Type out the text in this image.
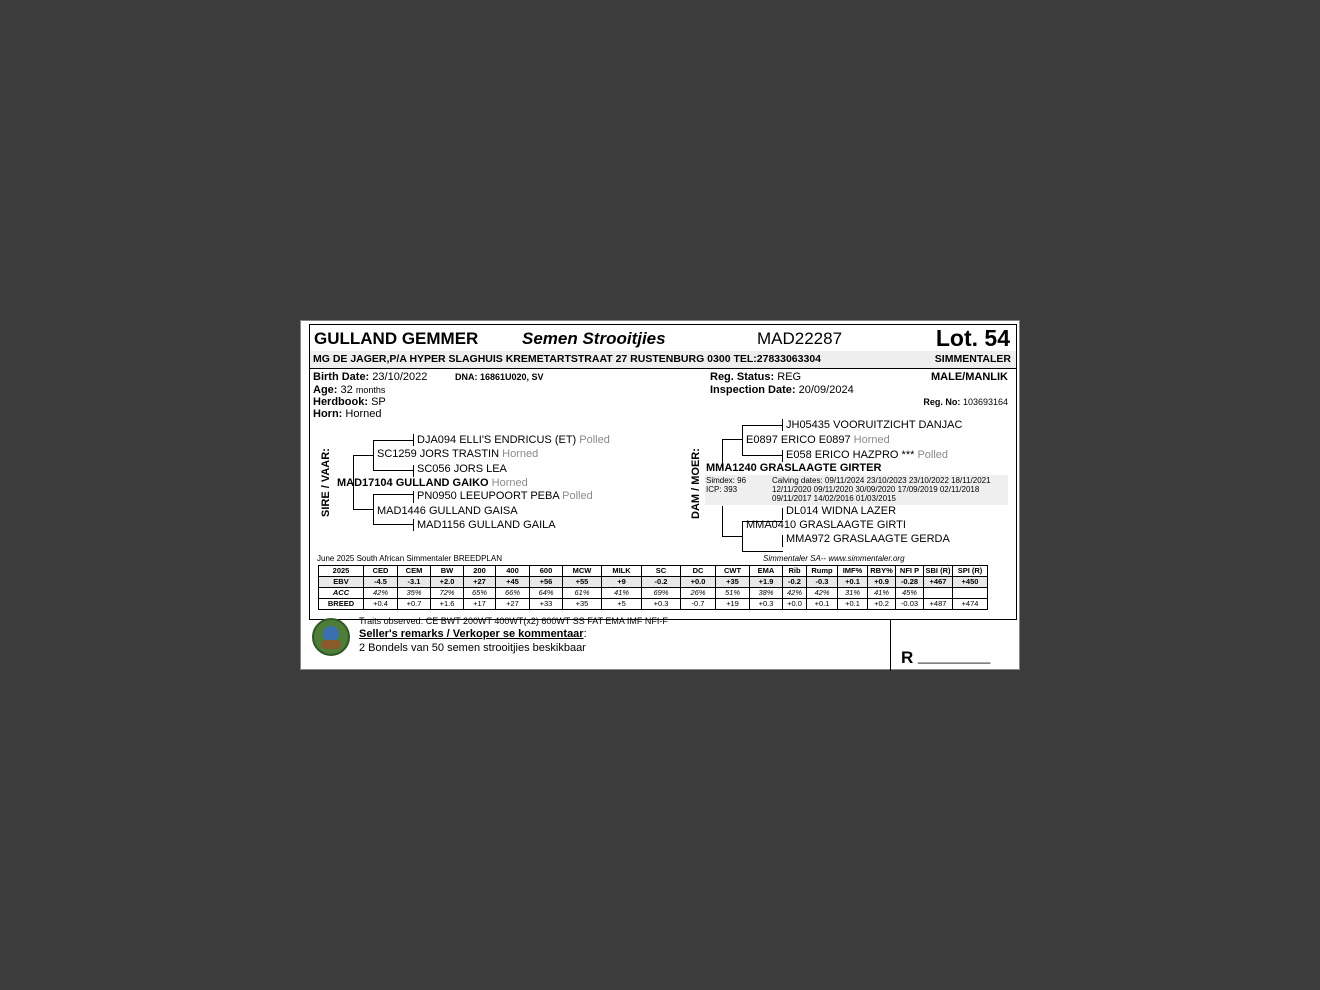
GULLAND GEMMER	Semen Strooitjies	MAD22287	Lot. 54
MG DE JAGER,P/A HYPER SLAGHUIS KREMETARTSTRAAT 27 RUSTENBURG 0300 TEL:27833063304	SIMMENTALER
Birth Date: 23/10/2022	DNA: 16861U020, SV
Age: 32 months
Herdbook: SP
Horn: Horned
Reg. Status: REG
Inspection Date: 20/09/2024
MALE/MANLIK
Reg. No: 103693164
SIRE / VAAR:
DJA094 ELLI'S ENDRICUS (ET) Polled
SC1259 JORS TRASTIN Horned
SC056 JORS LEA
MAD17104 GULLAND GAIKO Horned
PN0950 LEEUPOORT PEBA Polled
MAD1446 GULLAND GAISA
MAD1156 GULLAND GAILA
DAM / MOER:
JH05435 VOORUITZICHT DANJAC
E0897 ERICO E0897 Horned
E058 ERICO HAZPRO *** Polled
MMA1240 GRASLAAGTE GIRTER
Simdex: 96
ICP: 393
Calving dates: 09/11/2024 23/10/2023 23/10/2022 18/11/2021
12/11/2020 09/11/2020 30/09/2020 17/09/2019 02/11/2018
09/11/2017 14/02/2016 01/03/2015
DL014 WIDNA LAZER
MMA0410 GRASLAAGTE GIRTI
MMA972 GRASLAAGTE GERDA
June 2025 South African Simmentaler BREEDPLAN	Simmentaler SA-- www.simmentaler.org
2025	CED	CEM	BW	200	400	600	MCW	MILK	SC	DC	CWT	EMA	Rib	Rump	IMF%	RBY%	NFI P	SBI (R)	SPI (R)
EBV	-4.5	-3.1	+2.0	+27	+45	+56	+55	+9	-0.2	+0.0	+35	+1.9	-0.2	-0.3	+0.1	+0.9	-0.28	+467	+450
ACC	42%	35%	72%	65%	66%	64%	61%	41%	69%	26%	51%	38%	42%	42%	31%	41%	45%		
BREED	+0.4	+0.7	+1.6	+17	+27	+33	+35	+5	+0.3	-0.7	+19	+0.3	+0.0	+0.1	+0.1	+0.2	-0.03	+487	+474
Traits observed: CE BWT 200WT 400WT(x2) 600WT SS FAT EMA IMF NFI-F
Seller's remarks / Verkoper se kommentaar:
2 Bondels van 50 semen strooitjies beskikbaar	R __________
